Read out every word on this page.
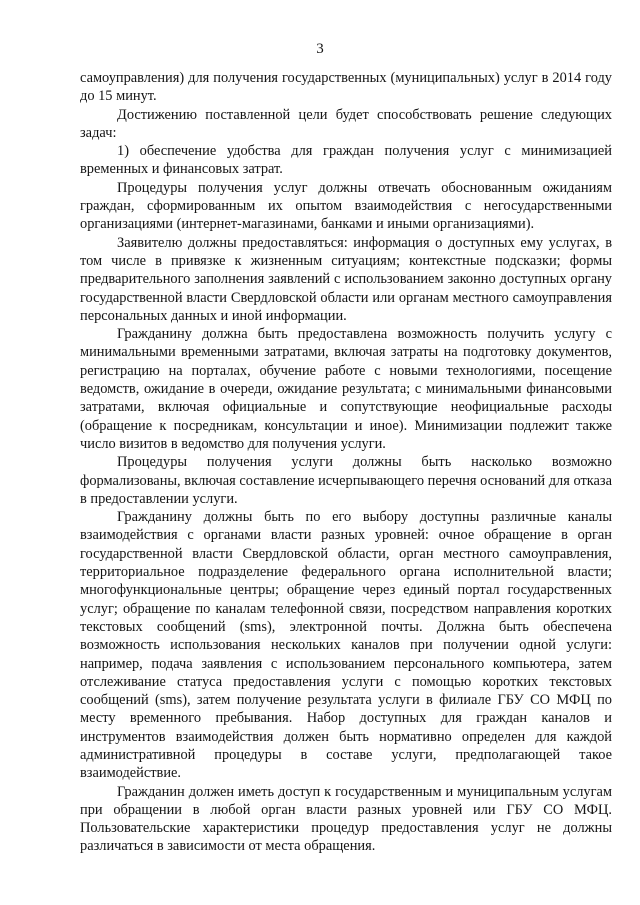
3

самоуправления) для получения государственных (муниципальных) услуг в 2014 году до 15 минут.

Достижению поставленной цели будет способствовать решение следующих задач:

1) обеспечение удобства для граждан получения услуг с минимизацией временных и финансовых затрат.

Процедуры получения услуг должны отвечать обоснованным ожиданиям граждан, сформированным их опытом взаимодействия с негосударственными организациями (интернет-магазинами, банками и иными организациями).

Заявителю должны предоставляться: информация о доступных ему услугах, в том числе в привязке к жизненным ситуациям; контекстные подсказки; формы предварительного заполнения заявлений с использованием законно доступных органу государственной власти Свердловской области или органам местного самоуправления персональных данных и иной информации.

Гражданину должна быть предоставлена возможность получить услугу с минимальными временными затратами, включая затраты на подготовку документов, регистрацию на порталах, обучение работе с новыми технологиями, посещение ведомств, ожидание в очереди, ожидание результата; с минимальными финансовыми затратами, включая официальные и сопутствующие неофициальные расходы (обращение к посредникам, консультации и иное). Минимизации подлежит также число визитов в ведомство для получения услуги.

Процедуры получения услуги должны быть насколько возможно формализованы, включая составление исчерпывающего перечня оснований для отказа в предоставлении услуги.

Гражданину должны быть по его выбору доступны различные каналы взаимодействия с органами власти разных уровней: очное обращение в орган государственной власти Свердловской области, орган местного самоуправления, территориальное подразделение федерального органа исполнительной власти; многофункциональные центры; обращение через единый портал государственных услуг; обращение по каналам телефонной связи, посредством направления коротких текстовых сообщений (sms), электронной почты. Должна быть обеспечена возможность использования нескольких каналов при получении одной услуги: например, подача заявления с использованием персонального компьютера, затем отслеживание статуса предоставления услуги с помощью коротких текстовых сообщений (sms), затем получение результата услуги в филиале ГБУ СО МФЦ по месту временного пребывания. Набор доступных для граждан каналов и инструментов взаимодействия должен быть нормативно определен для каждой административной процедуры в составе услуги, предполагающей такое взаимодействие.

Гражданин должен иметь доступ к государственным и муниципальным услугам при обращении в любой орган власти разных уровней или ГБУ СО МФЦ. Пользовательские характеристики процедур предоставления услуг не должны различаться в зависимости от места обращения.
